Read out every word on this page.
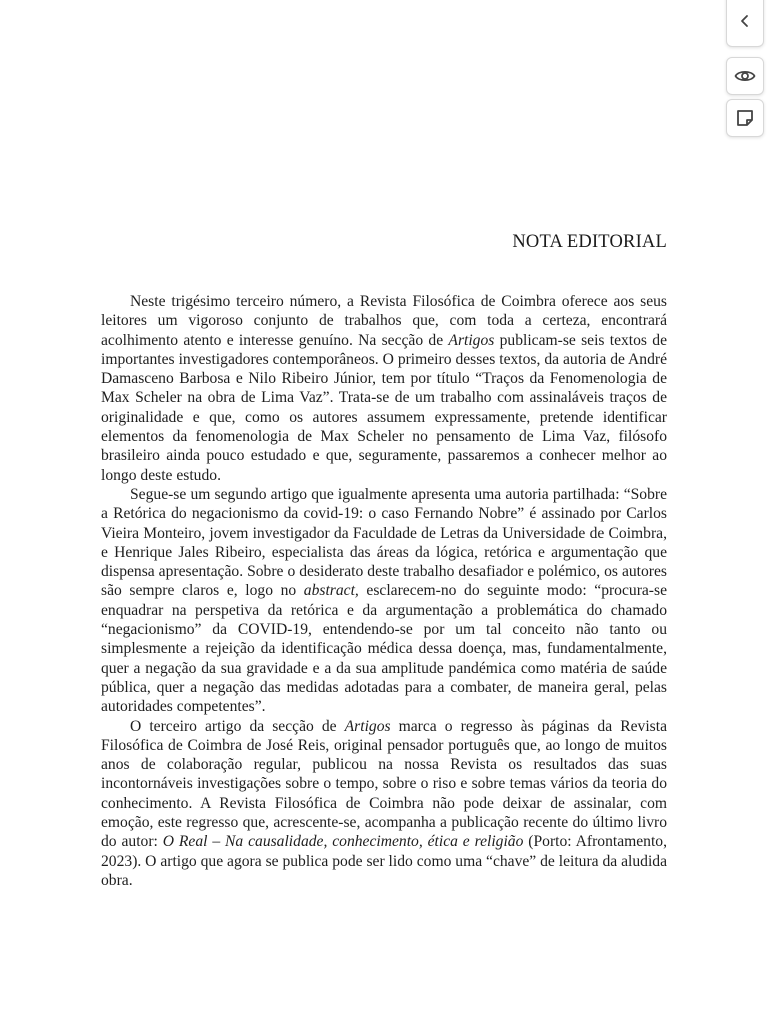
NOTA EDITORIAL

Neste trigésimo terceiro número, a Revista Filosófica de Coimbra oferece aos seus leitores um vigoroso conjunto de trabalhos que, com toda a certeza, encontrará acolhimento atento e interesse genuíno. Na secção de Artigos publicam-se seis textos de importantes investigadores contemporâneos. O primeiro desses textos, da autoria de André Damasceno Barbosa e Nilo Ribeiro Júnior, tem por título “Traços da Fenomenologia de Max Scheler na obra de Lima Vaz”. Trata-se de um trabalho com assinaláveis traços de originalidade e que, como os autores assumem expressamente, pretende identificar elementos da fenomenologia de Max Scheler no pensamento de Lima Vaz, filósofo brasileiro ainda pouco estudado e que, seguramente, passaremos a conhecer melhor ao longo deste estudo.

Segue-se um segundo artigo que igualmente apresenta uma autoria partilhada: “Sobre a Retórica do negacionismo da covid-19: o caso Fernando Nobre” é assinado por Carlos Vieira Monteiro, jovem investigador da Faculdade de Letras da Universidade de Coimbra, e Henrique Jales Ribeiro, especialista das áreas da lógica, retórica e argumentação que dispensa apresentação. Sobre o desiderato deste trabalho desafiador e polémico, os autores são sempre claros e, logo no abstract, esclarecem-no do seguinte modo: “procura-se enquadrar na perspetiva da retórica e da argumentação a problemática do chamado “negacionismo” da COVID-19, entendendo-se por um tal conceito não tanto ou simplesmente a rejeição da identificação médica dessa doença, mas, fundamentalmente, quer a negação da sua gravidade e a da sua amplitude pandémica como matéria de saúde pública, quer a negação das medidas adotadas para a combater, de maneira geral, pelas autoridades competentes”.

O terceiro artigo da secção de Artigos marca o regresso às páginas da Revista Filosófica de Coimbra de José Reis, original pensador português que, ao longo de muitos anos de colaboração regular, publicou na nossa Revista os resultados das suas incontornáveis investigações sobre o tempo, sobre o riso e sobre temas vários da teoria do conhecimento. A Revista Filosófica de Coimbra não pode deixar de assinalar, com emoção, este regresso que, acrescente-se, acompanha a publicação recente do último livro do autor: O Real – Na causalidade, conhecimento, ética e religião (Porto: Afrontamento, 2023). O artigo que agora se publica pode ser lido como uma “chave” de leitura da aludida obra.
